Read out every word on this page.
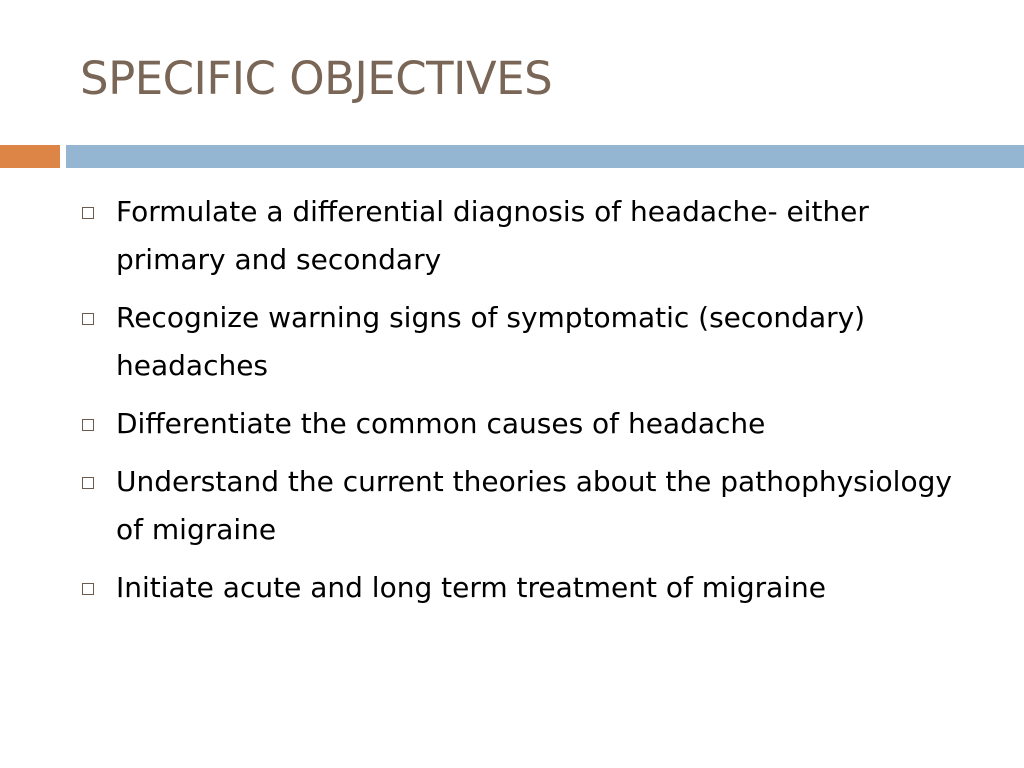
SPECIFIC OBJECTIVES
Formulate a differential diagnosis of headache- either primary and secondary
Recognize warning signs of symptomatic (secondary) headaches
Differentiate the common causes of headache
Understand the current theories about the pathophysiology of migraine
Initiate acute and long term treatment of migraine
